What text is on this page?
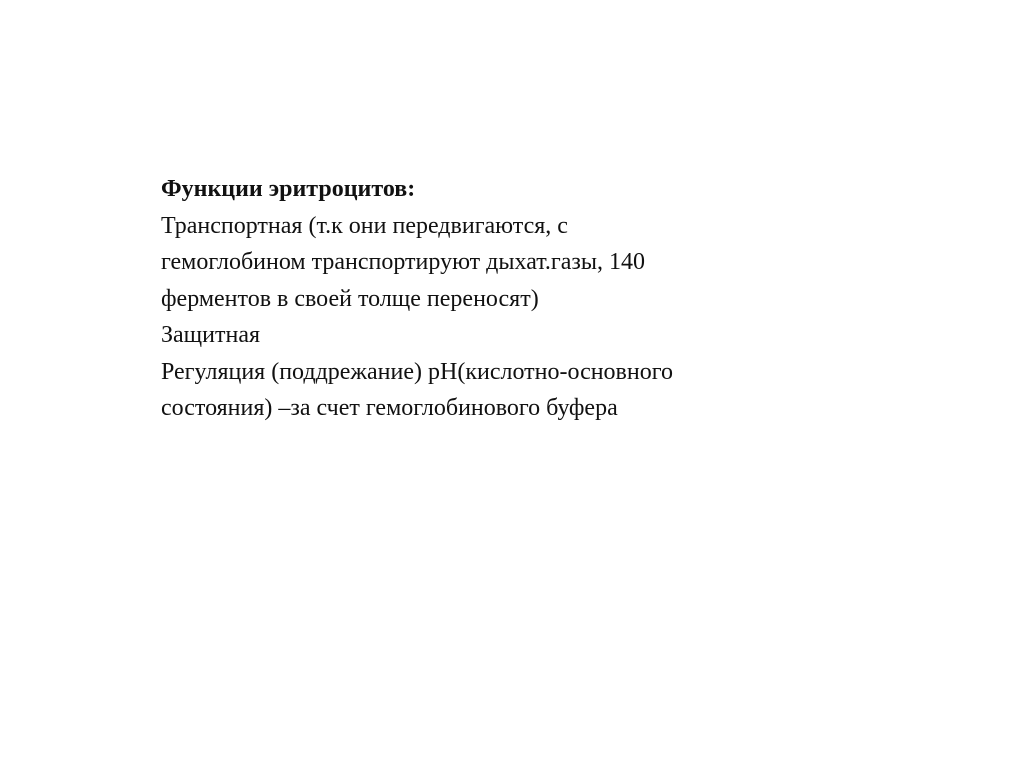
Функции эритроцитов:
Транспортная (т.к они передвигаются, с
гемоглобином транспортируют дыхат.газы, 140
ферментов в своей толще переносят)
Защитная
Регуляция (поддрежание) pH(кислотно-основного
состояния) –за счет гемоглобинового буфера
